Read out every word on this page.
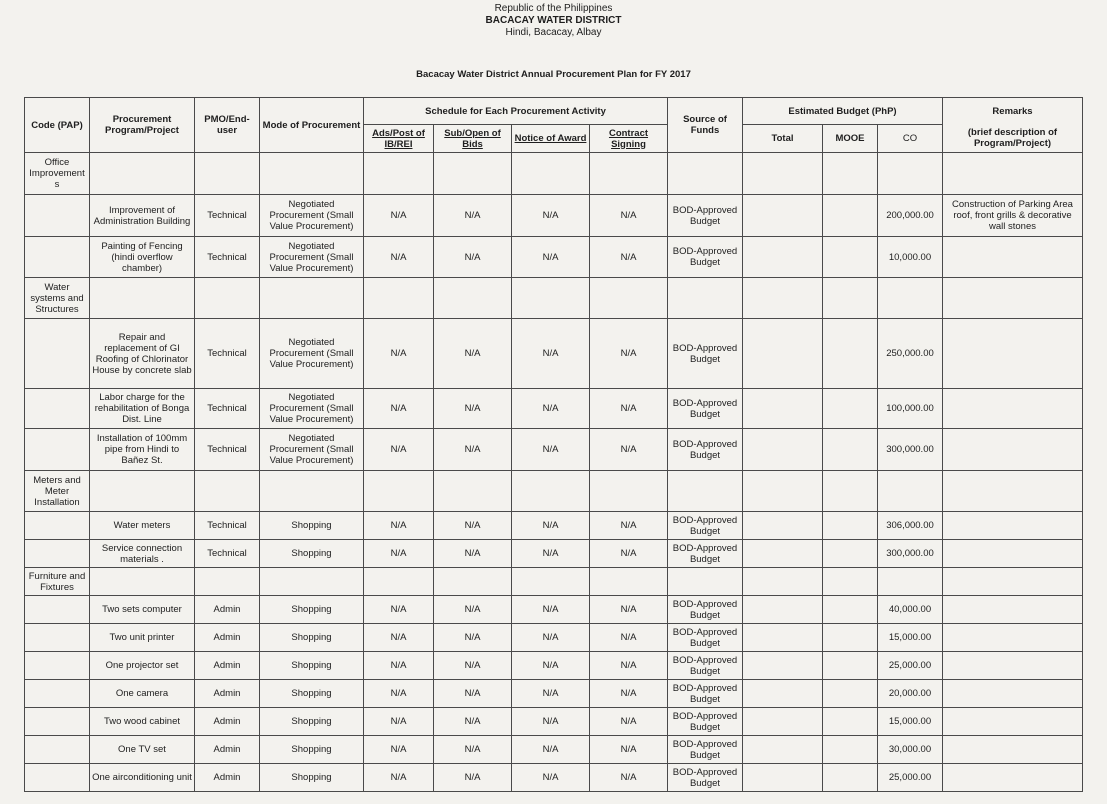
Republic of the Philippines
BACACAY WATER DISTRICT
Hindi, Bacacay, Albay
Bacacay Water District Annual Procurement Plan for FY 2017
Code (PAP)	Procurement Program/Project	PMO/End-user	Mode of Procurement	Schedule for Each Procurement Activity				Source of Funds	Estimated Budget (PhP)			Remarks
				Ads/Post of IB/REI	Sub/Open of Bids	Notice of Award	Contract Signing		Total	MOOE	CO	(brief description of Program/Project)
Office Improvement s												
	Improvement of Administration Building	Technical	Negotiated Procurement (Small Value Procurement)	N/A	N/A	N/A	N/A	BOD-Approved Budget			200,000.00	Construction of Parking Area roof, front grills & decorative wall stones
	Painting of Fencing (hindi overflow chamber)	Technical	Negotiated Procurement (Small Value Procurement)	N/A	N/A	N/A	N/A	BOD-Approved Budget			10,000.00	
Water systems and Structures												
	Repair and replacement of GI Roofing of Chlorinator House by concrete slab	Technical	Negotiated Procurement (Small Value Procurement)	N/A	N/A	N/A	N/A	BOD-Approved Budget			250,000.00	
	Labor charge for the rehabilitation of Bonga Dist. Line	Technical	Negotiated Procurement (Small Value Procurement)	N/A	N/A	N/A	N/A	BOD-Approved Budget			100,000.00	
	Installation of 100mm pipe from Hindi to Bañez St.	Technical	Negotiated Procurement (Small Value Procurement)	N/A	N/A	N/A	N/A	BOD-Approved Budget			300,000.00	
Meters and Meter Installation												
	Water meters	Technical	Shopping	N/A	N/A	N/A	N/A	BOD-Approved Budget			306,000.00	
	Service connection materials .	Technical	Shopping	N/A	N/A	N/A	N/A	BOD-Approved Budget			300,000.00	
Furniture and Fixtures												
	Two sets computer	Admin	Shopping	N/A	N/A	N/A	N/A	BOD-Approved Budget			40,000.00	
	Two unit printer	Admin	Shopping	N/A	N/A	N/A	N/A	BOD-Approved Budget			15,000.00	
	One projector set	Admin	Shopping	N/A	N/A	N/A	N/A	BOD-Approved Budget			25,000.00	
	One camera	Admin	Shopping	N/A	N/A	N/A	N/A	BOD-Approved Budget			20,000.00	
	Two wood cabinet	Admin	Shopping	N/A	N/A	N/A	N/A	BOD-Approved Budget			15,000.00	
	One TV set	Admin	Shopping	N/A	N/A	N/A	N/A	BOD-Approved Budget			30,000.00	
	One airconditioning unit	Admin	Shopping	N/A	N/A	N/A	N/A	BOD-Approved Budget			25,000.00	
